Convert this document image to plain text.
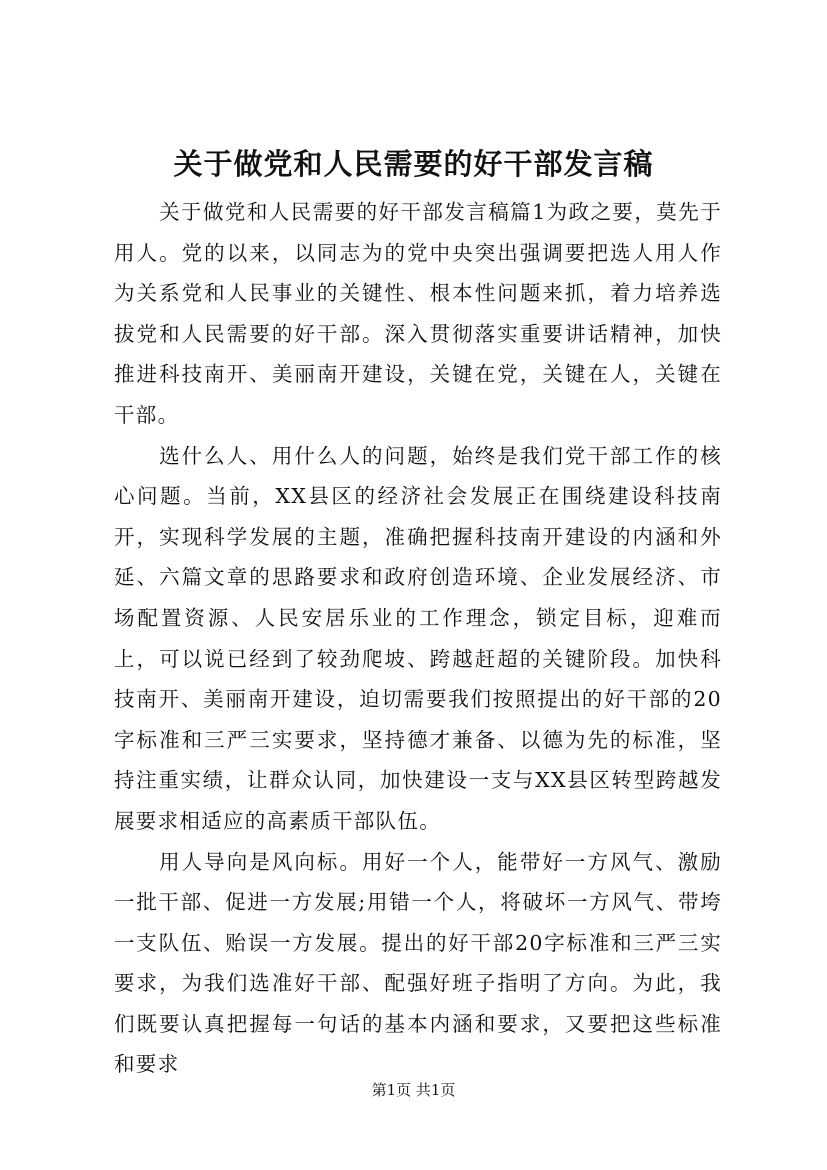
关于做党和人民需要的好干部发言稿

关于做党和人民需要的好干部发言稿篇1为政之要，莫先于用人。党的以来，以同志为的党中央突出强调要把选人用人作为关系党和人民事业的关键性、根本性问题来抓，着力培养选拔党和人民需要的好干部。深入贯彻落实重要讲话精神，加快推进科技南开、美丽南开建设，关键在党，关键在人，关键在干部。

选什么人、用什么人的问题，始终是我们党干部工作的核心问题。当前，XX县区的经济社会发展正在围绕建设科技南开，实现科学发展的主题，准确把握科技南开建设的内涵和外延、六篇文章的思路要求和政府创造环境、企业发展经济、市场配置资源、人民安居乐业的工作理念，锁定目标，迎难而上，可以说已经到了较劲爬坡、跨越赶超的关键阶段。加快科技南开、美丽南开建设，迫切需要我们按照提出的好干部的20字标准和三严三实要求，坚持德才兼备、以德为先的标准，坚持注重实绩，让群众认同，加快建设一支与XX县区转型跨越发展要求相适应的高素质干部队伍。

用人导向是风向标。用好一个人，能带好一方风气、激励一批干部、促进一方发展;用错一个人，将破坏一方风气、带垮一支队伍、贻误一方发展。提出的好干部20字标准和三严三实要求，为我们选准好干部、配强好班子指明了方向。为此，我们既要认真把握每一句话的基本内涵和要求，又要把这些标准和要求

第1页 共1页
